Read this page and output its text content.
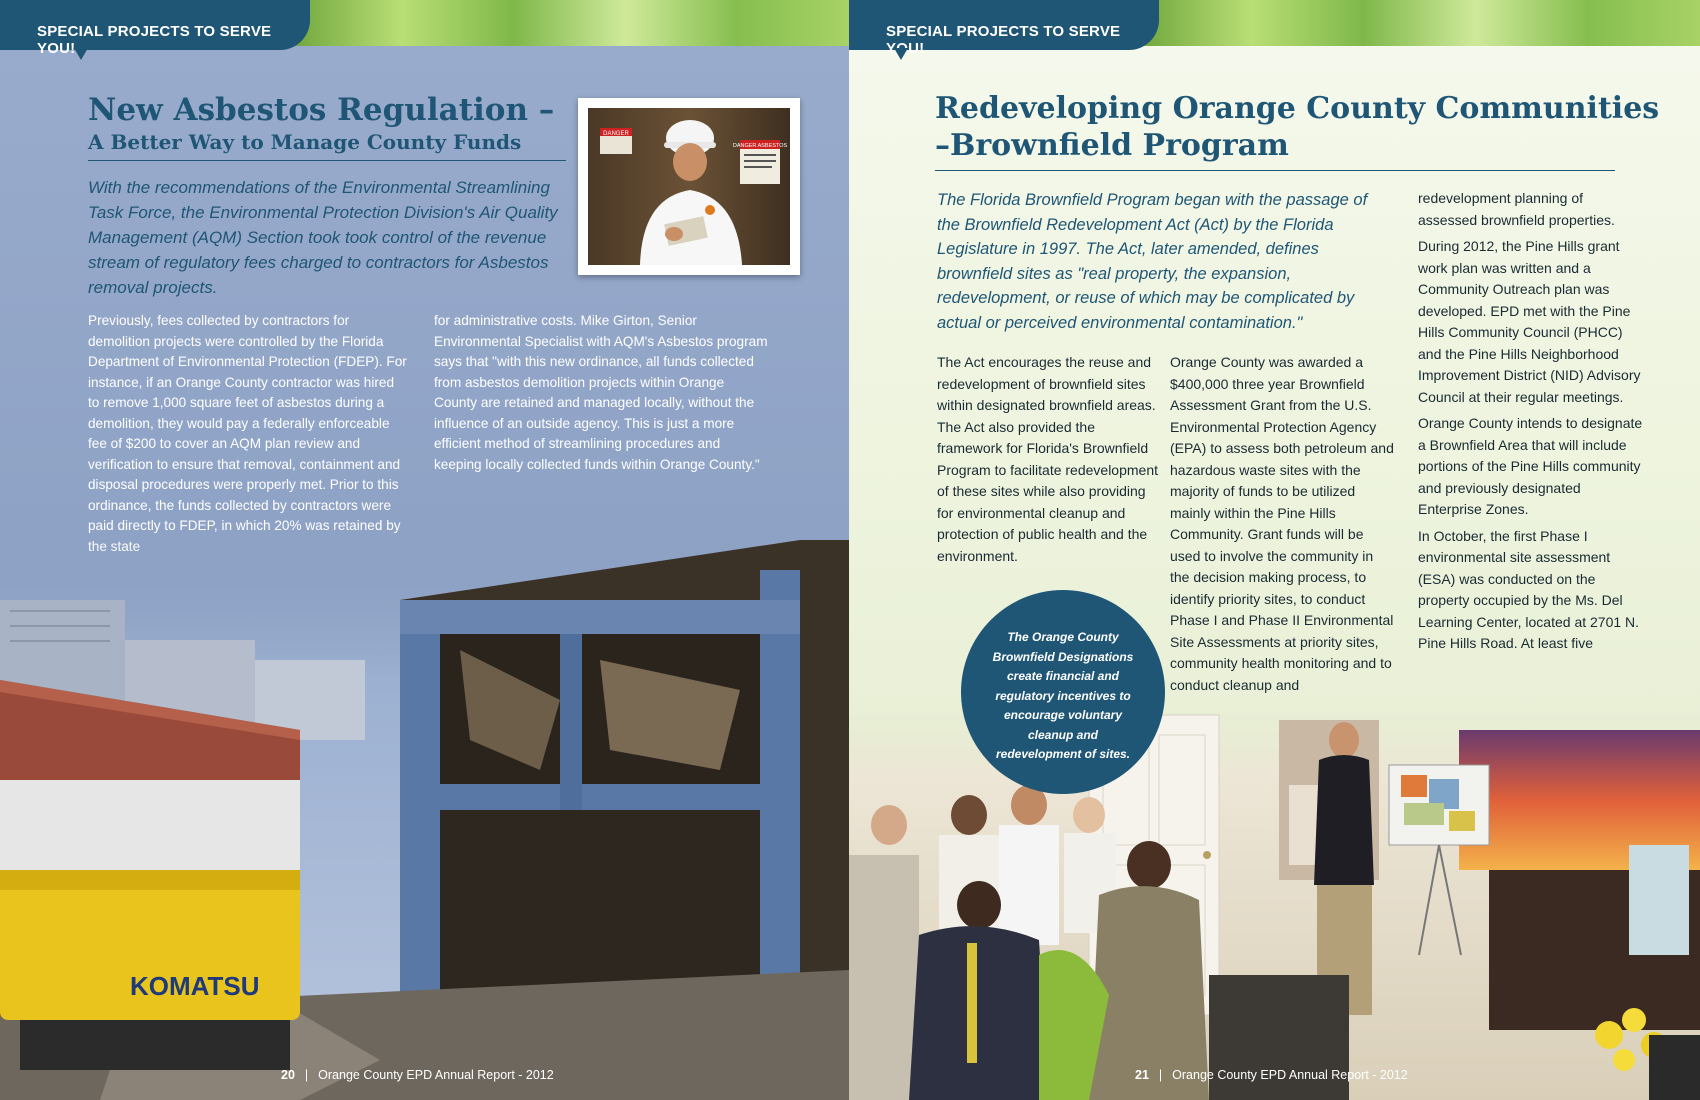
SPECIAL PROJECTS TO SERVE YOU!
New Asbestos Regulation –
A Better Way to Manage County Funds
With the recommendations of the Environmental Streamlining Task Force, the Environmental Protection Division's Air Quality Management (AQM) Section took took control of the revenue stream of regulatory fees charged to contractors for Asbestos removal projects.
DANGER
DANGER ASBESTOS

Previously, fees collected by contractors for demolition projects were controlled by the Florida Department of Environmental Protection (FDEP). For instance, if an Orange County contractor was hired to remove 1,000 square feet of asbestos during a demolition, they would pay a federally enforceable fee of $200 to cover an AQM plan review and verification to ensure that removal, containment and disposal procedures were properly met. Prior to this ordinance, the funds collected by contractors were paid directly to FDEP, in which 20% was retained by

for administrative costs. Mike Girton, Senior Environmental Specialist with AQM's Asbestos program says that "with this new ordinance, all funds collected from asbestos demolition projects within Orange County are retained and managed locally, without the influence of an outside agency. This is just a more efficient method of streamlining procedures and keeping locally collected funds within Orange County."

KOMATSU
20 | Orange County EPD Annual Report - 2012
SPECIAL PROJECTS TO SERVE YOU!
Redeveloping Orange County Communities
–Brownfield Program
The Florida Brownfield Program began with the passage of the Brownfield Redevelopment Act (Act) by the Florida Legislature in 1997. The Act, later amended, defines brownfield sites as "real property, the expansion, redevelopment, or reuse of which may be complicated by actual or perceived environmental contamination."

The Act encourages the reuse and redevelopment of brownfield sites within designated brownfield areas. The Act also provided the framework for Florida's Brownfield Program to facilitate redevelopment of these sites while also providing for environmental cleanup and protection of public health and the environment.

Orange County was awarded a $400,000 three year Brownfield Assessment Grant from the U.S. Environmental Protection Agency (EPA) to assess both petroleum and hazardous waste sites with the majority of funds to be utilized mainly within the Pine Hills Community. Grant funds will be used to involve the community in the decision making process, to identify priority sites, to conduct Phase I and Phase II Environmental Site Assessments at priority sites, community health monitoring and to conduct cleanup and

redevelopment planning of assessed brownfield properties.

During 2012, the Pine Hills grant work plan was written and a Community Outreach plan was developed. EPD met with the Pine Hills Community Council (PHCC) and the Pine Hills Neighborhood Improvement District (NID) Advisory Council at their regular meetings.

Orange County intends to designate a Brownfield Area that will include portions of the Pine Hills community and previously designated Enterprise Zones.

In October, the first Phase I environmental site assessment (ESA) was conducted on the property occupied by the Ms. Del Learning Center, located at 2701 N. Pine Hills Road. At least five

The Orange County Brownfield Designations create financial and regulatory incentives to encourage voluntary cleanup and redevelopment of sites.
21 | Orange County EPD Annual Report - 2012
